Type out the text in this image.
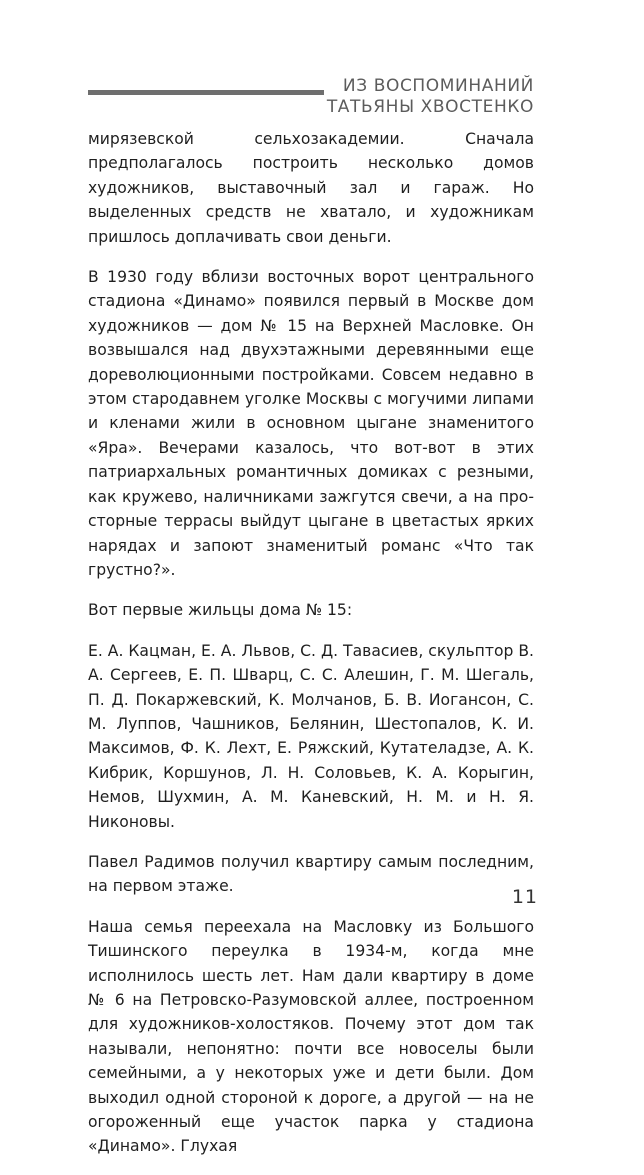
ИЗ ВОСПОМИНАНИЙ
ТАТЬЯНЫ ХВОСТЕНКО

мирязевской сельхозакадемии. Сначала предполагалось построить несколько домов художников, выставочный зал и гараж. Но выделенных средств не хватало, и художникам пришлось доплачивать свои деньги.

В 1930 году вблизи восточных ворот центрального стадиона «Динамо» появился первый в Москве дом художников — дом № 15 на Верхней Масловке. Он возвышался над двухэтажными деревянными еще дореволюционными постройками. Совсем недавно в этом стародавнем уголке Москвы с могучими липами и кленами жили в основном цыгане знаменитого «Яра». Вечерами казалось, что вот-вот в этих патриархальных романтичных домиках с резными, как кружево, наличниками зажгутся свечи, а на просторные террасы выйдут цыгане в цветастых ярких нарядах и запоют знаменитый романс «Что так грустно?».

Вот первые жильцы дома № 15:

Е. А. Кацман, Е. А. Львов, С. Д. Тавасиев, скульптор В. А. Сергеев, Е. П. Шварц, С. С. Алешин, Г. М. Шегаль, П. Д. Покаржевский, К. Молчанов, Б. В. Иогансон, С. М. Луппов, Чашников, Белянин, Шестопалов, К. И. Максимов, Ф. К. Лехт, Е. Ряжский, Кутателадзе, А. К. Кибрик, Коршунов, Л. Н. Соловьев, К. А. Корыгин, Немов, Шухмин, А. М. Каневский, Н. М. и Н. Я. Никоновы.

Павел Радимов получил квартиру самым последним, на первом этаже.

Наша семья переехала на Масловку из Большого Тишинского переулка в 1934-м, когда мне исполнилось шесть лет. Нам дали квартиру в доме № 6 на Петровско-Разумовской аллее, построенном для художников-холостяков. Почему этот дом так называли, непонятно: почти все новоселы были семейными, а у некоторых уже и дети были. Дом выходил одной стороной к дороге, а другой — на не огороженный еще участок парка у стадиона «Динамо». Глухая

11
